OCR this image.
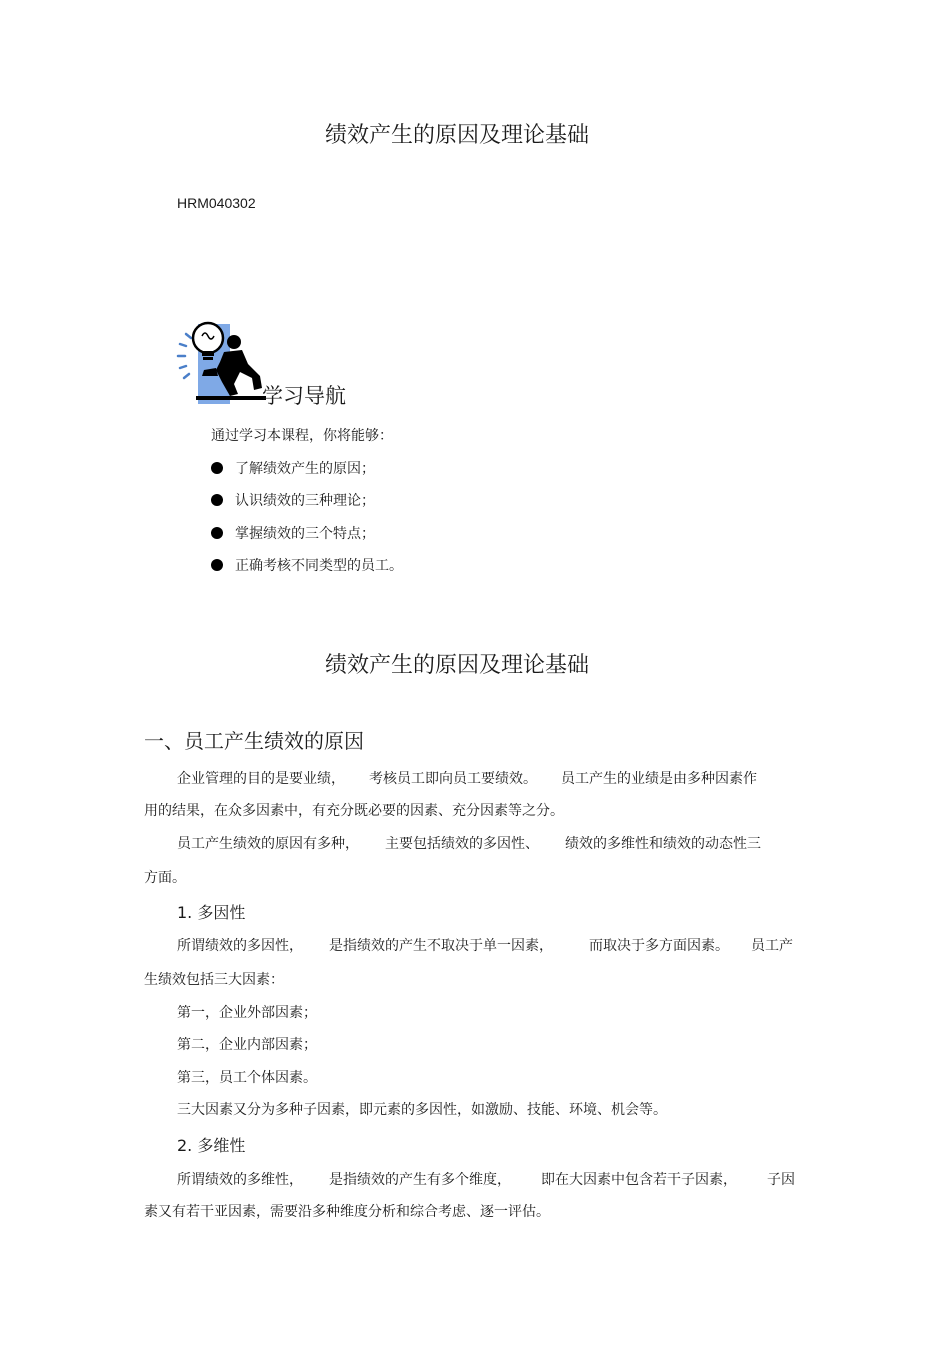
绩效产生的原因及理论基础
HRM040302
学习导航
通过学习本课程，你将能够：
了解绩效产生的原因；
认识绩效的三种理论；
掌握绩效的三个特点；
正确考核不同类型的员工。
绩效产生的原因及理论基础
一、员工产生绩效的原因
企业管理的目的是要业绩， 考核员工即向员工要绩效。 员工产生的业绩是由多种因素作
用的结果，在众多因素中，有充分既必要的因素、充分因素等之分。
员工产生绩效的原因有多种， 主要包括绩效的多因性、 绩效的多维性和绩效的动态性三
方面。
1. 多因性
所谓绩效的多因性， 是指绩效的产生不取决于单一因素，	而取决于多方面因素。 员工产
生绩效包括三大因素：
第一，企业外部因素；
第二，企业内部因素；
第三，员工个体因素。
三大因素又分为多种子因素，即元素的多因性，如激励、技能、环境、机会等。
2. 多维性
所谓绩效的多维性， 是指绩效的产生有多个维度， 即在大因素中包含若干子因素， 子因
素又有若干亚因素，需要沿多种维度分析和综合考虑、逐一评估。
